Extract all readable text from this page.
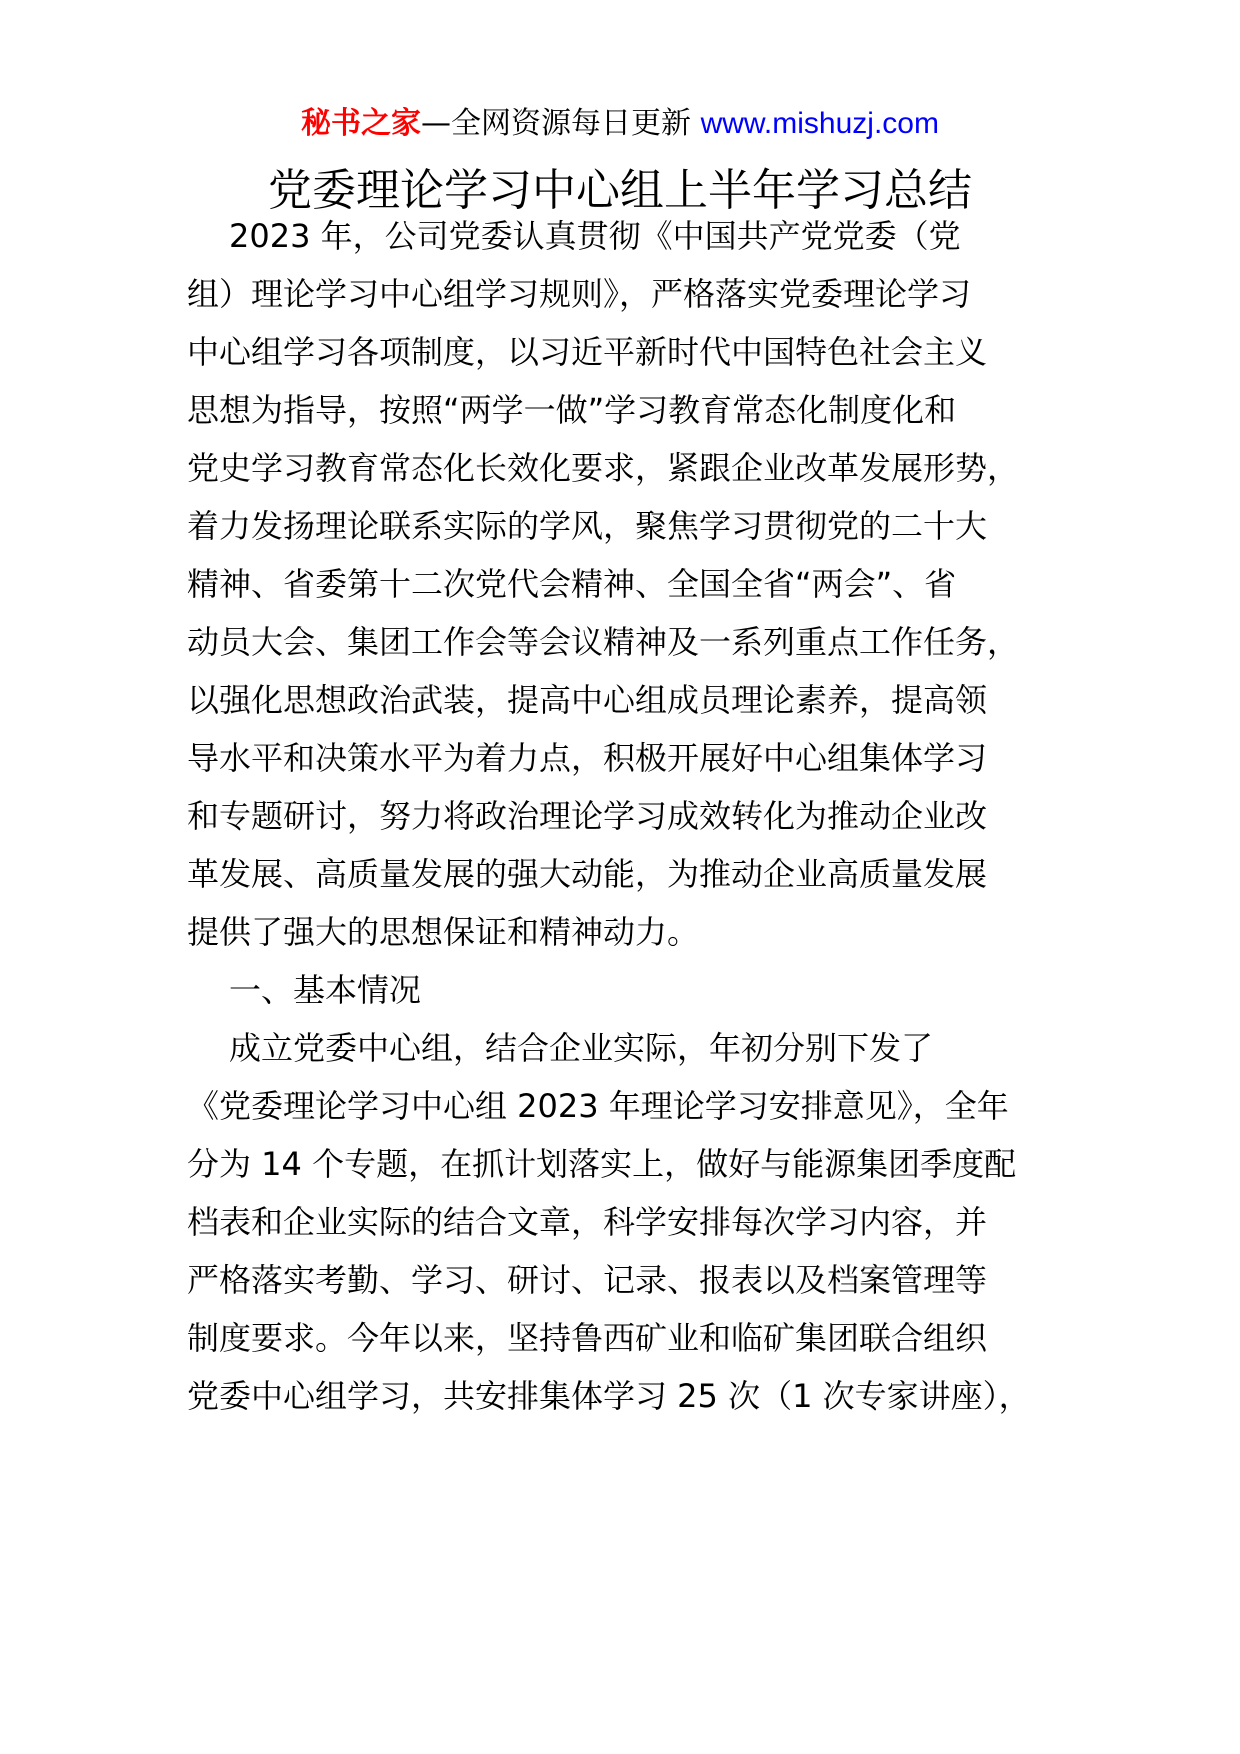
秘书之家—全网资源每日更新 www.mishuzj.com
党委理论学习中心组上半年学习总结
2023 年，公司党委认真贯彻《中国共产党党委（党
组）理论学习中心组学习规则》，严格落实党委理论学习
中心组学习各项制度，以习近平新时代中国特色社会主义
思想为指导，按照“两学一做”学习教育常态化制度化和
党史学习教育常态化长效化要求，紧跟企业改革发展形势，
着力发扬理论联系实际的学风，聚焦学习贯彻党的二十大
精神、省委第十二次党代会精神、全国全省“两会”、省
动员大会、集团工作会等会议精神及一系列重点工作任务，
以强化思想政治武装，提高中心组成员理论素养，提高领
导水平和决策水平为着力点，积极开展好中心组集体学习
和专题研讨，努力将政治理论学习成效转化为推动企业改
革发展、高质量发展的强大动能，为推动企业高质量发展
提供了强大的思想保证和精神动力。
一、基本情况
成立党委中心组，结合企业实际，年初分别下发了
《党委理论学习中心组 2023 年理论学习安排意见》，全年
分为 14 个专题，在抓计划落实上，做好与能源集团季度配
档表和企业实际的结合文章，科学安排每次学习内容，并
严格落实考勤、学习、研讨、记录、报表以及档案管理等
制度要求。今年以来，坚持鲁西矿业和临矿集团联合组织
党委中心组学习，共安排集体学习 25 次（1 次专家讲座），
